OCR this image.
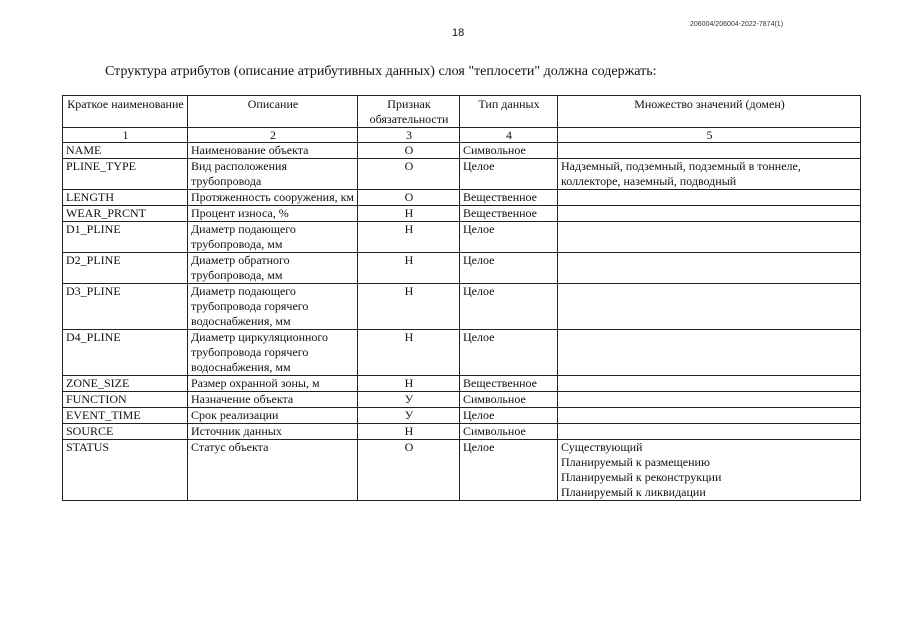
18
206004/206004-2022-7874(1)
Структура атрибутов (описание атрибутивных данных) слоя "теплосети" должна содержать:
Краткое наименование	Описание	Признак обязательности	Тип данных	Множество значений (домен)
1	2	3	4	5
NAME	Наименование объекта	О	Символьное	
PLINE_TYPE	Вид расположения трубопровода	О	Целое	Надземный, подземный, подземный в тоннеле, коллекторе, наземный, подводный

LENGTH	Протяженность сооружения, км	О	Вещественное	
WEAR_PRCNT	Процент износа, %	Н	Вещественное	
D1_PLINE	Диаметр подающего трубопровода, мм	Н	Целое	
D2_PLINE	Диаметр обратного трубопровода, мм	Н	Целое	
D3_PLINE	Диаметр подающего трубопровода горячего водоснабжения, мм	Н	Целое	
D4_PLINE	Диаметр циркуляционного трубопровода горячего водоснабжения, мм	Н	Целое	
ZONE_SIZE	Размер охранной зоны, м	Н	Вещественное	
FUNCTION	Назначение объекта	У	Символьное	
EVENT_TIME	Срок реализации	У	Целое	
SOURCE	Источник данных	Н	Символьное	
STATUS	Статус объекта	О	Целое	Существующий
Планируемый к размещению
Планируемый к реконструкции
Планируемый к ликвидации
